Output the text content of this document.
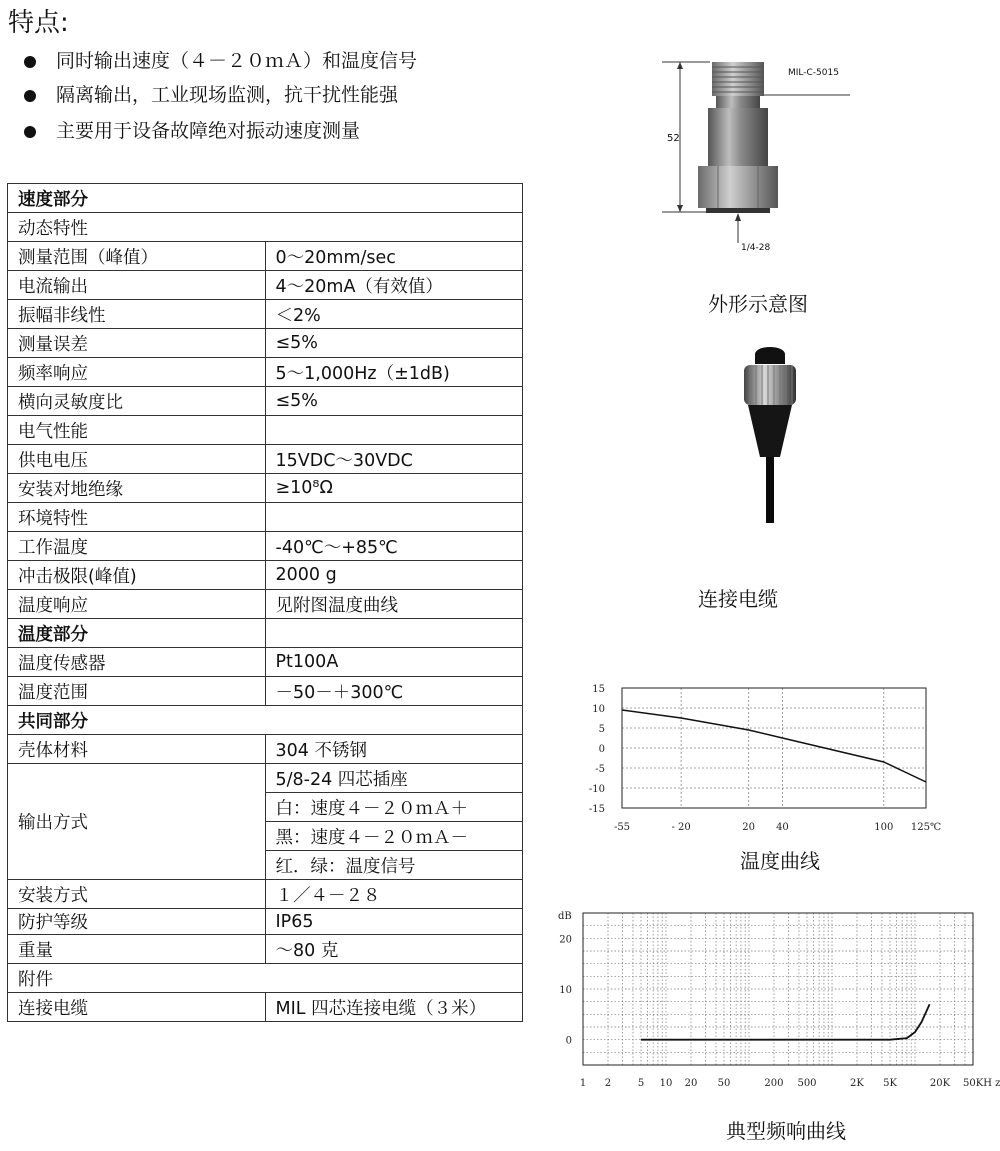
特点:
同时输出速度（４－２０ｍＡ）和温度信号
隔离输出，工业现场监测，抗干扰性能强
主要用于设备故障绝对振动速度测量
速度部分	
动态特性	
测量范围（峰值）	0～20mm/sec
电流输出	4～20mA（有效值）
振幅非线性	＜2%
测量误差	≤5%
频率响应	5～1,000Hz（±1dB)
横向灵敏度比	≤5%
电气性能	
供电电压	15VDC～30VDC
安装对地绝缘	≥10⁸Ω
环境特性	
工作温度	-40℃～+85℃
冲击极限(峰值)	2000 g
温度响应	见附图温度曲线
温度部分	
温度传感器	Pt100A
温度范围	－50－＋300℃
共同部分	
壳体材料	304 不锈钢
输出方式	5/8-24 四芯插座
	白：速度４－２０ｍＡ＋
	黑：速度４－２０ｍＡ－
	红．绿：温度信号
安装方式	１／４－２８
防护等级	IP65
重量	～80 克
附件	
连接电缆	MIL 四芯连接电缆（３米）
MIL-C-5015
52
1/4-28
外形示意图
连接电缆
15
10
5
0
-5
-10
-15
-55	- 20	20 40	100 125℃
温度曲线
dB
20
10
0
1 2	5 10 20 50	200 500	2K 5K	20K 50KH z
典型频响曲线
